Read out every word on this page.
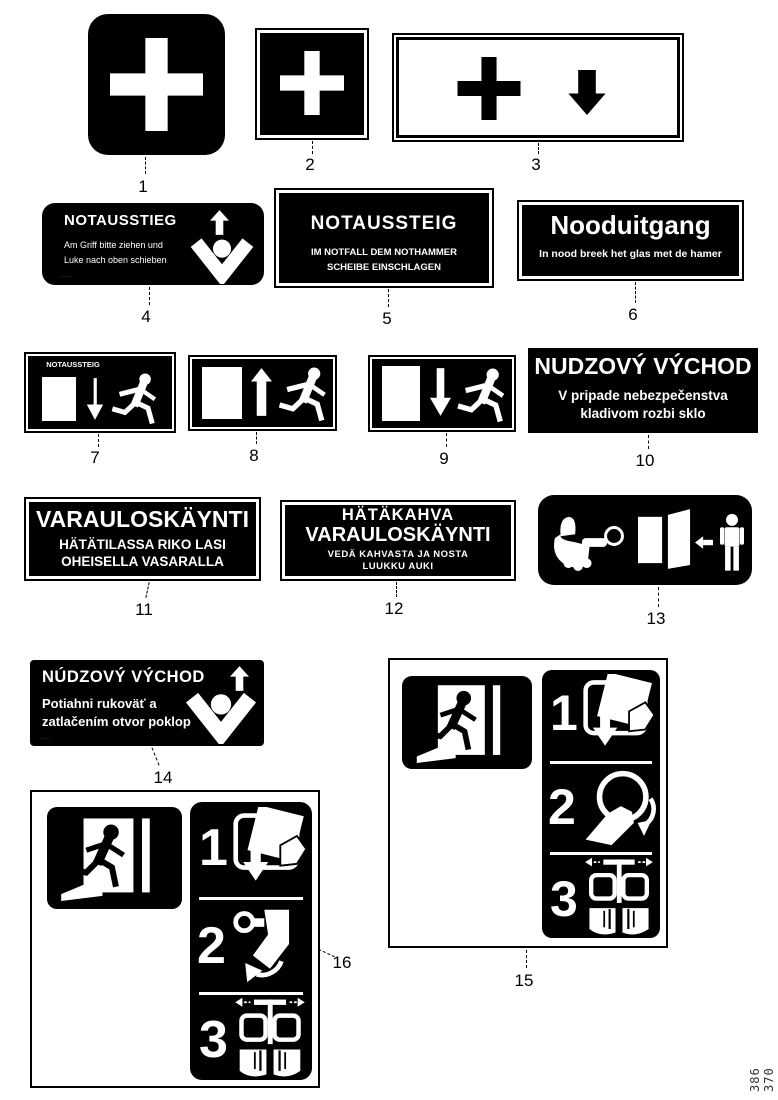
1
2	3
NOTAUSSTIEG
Am Griff bitte ziehen und
Luke nach oben schieben
·····
4
NOTAUSSTEIG
IM NOTFALL DEM NOTHAMMER
SCHEIBE EINSCHLAGEN
5
Nooduitgang
In nood breek het glas met de hamer
6
NOTAUSSTEIG
7	8	9
NUDZOVÝ VÝCHOD
V pripade nebezpečenstva
kladivom rozbi sklo
10
VARAULOSKÄYNTI
HÄTÄTILASSA RIKO LASI
OHEISELLA VASARALLA
11
HÄTÄKAHVA
VARAULOSKÄYNTI
VEDÄ KAHVASTA JA NOSTA
LUUKKU AUKI
12
···
13
NÚDZOVÝ VÝCHOD
Potiahni rukoväť a
zatlačením otvor poklop
····
14
1
2
3
15
1
2
3
16
386 370
